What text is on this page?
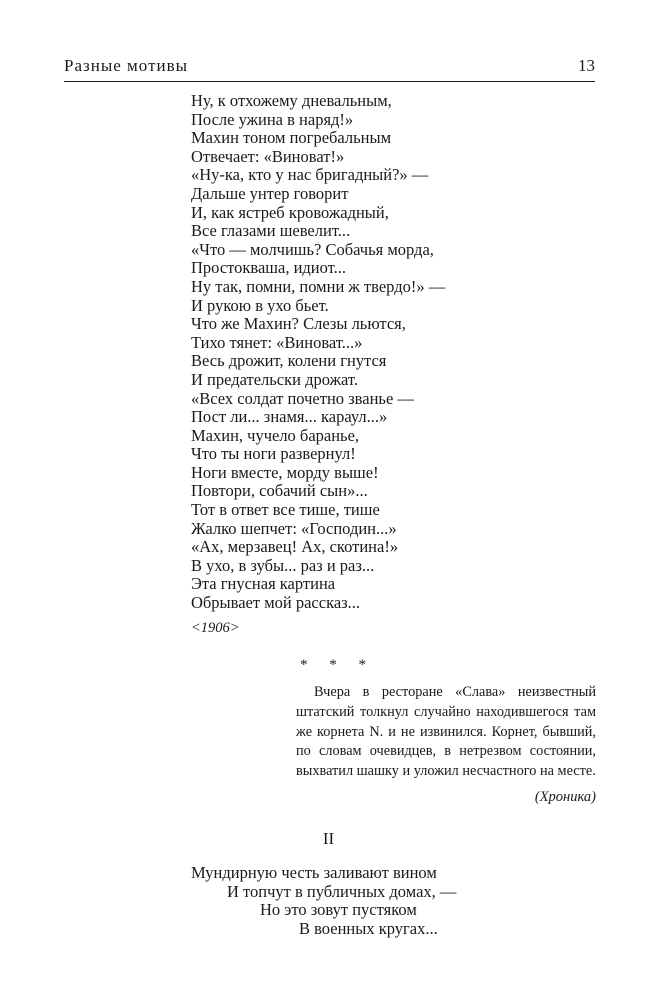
Разные мотивы	13
Ну, к отхожему дневальным,
После ужина в наряд!»
Махин тоном погребальным
Отвечает: «Виноват!»
«Ну-ка, кто у нас бригадный?» —
Дальше унтер говорит
И, как ястреб кровожадный,
Все глазами шевелит...
«Что — молчишь? Собачья морда,
Простокваша, идиот...
Ну так, помни, помни ж твердо!» —
И рукою в ухо бьет.
Что же Махин? Слезы льются,
Тихо тянет: «Виноват...»
Весь дрожит, колени гнутся
И предательски дрожат.
«Всех солдат почетно званье —
Пост ли... знамя... караул...»
Махин, чучело баранье,
Что ты ноги развернул!
Ноги вместе, морду выше!
Повтори, собачий сын»...
Тот в ответ все тише, тише
Жалко шепчет: «Господин...»
«Ах, мерзавец! Ах, скотина!»
В ухо, в зубы... раз и раз...
Эта гнусная картина
Обрывает мой рассказ...
<1906>
* * *

Вчера в ресторане «Слава» неизвестный штатский толкнул случайно находившегося там же корнета N. и не извинился. Корнет, бывший, по словам очевидцев, в нетрезвом состоянии, выхватил шашку и уложил несчастного на месте.

(Хроника)
II
Мундирную честь заливают вином
И топчут в публичных домах, —
Но это зовут пустяком
В военных кругах...
